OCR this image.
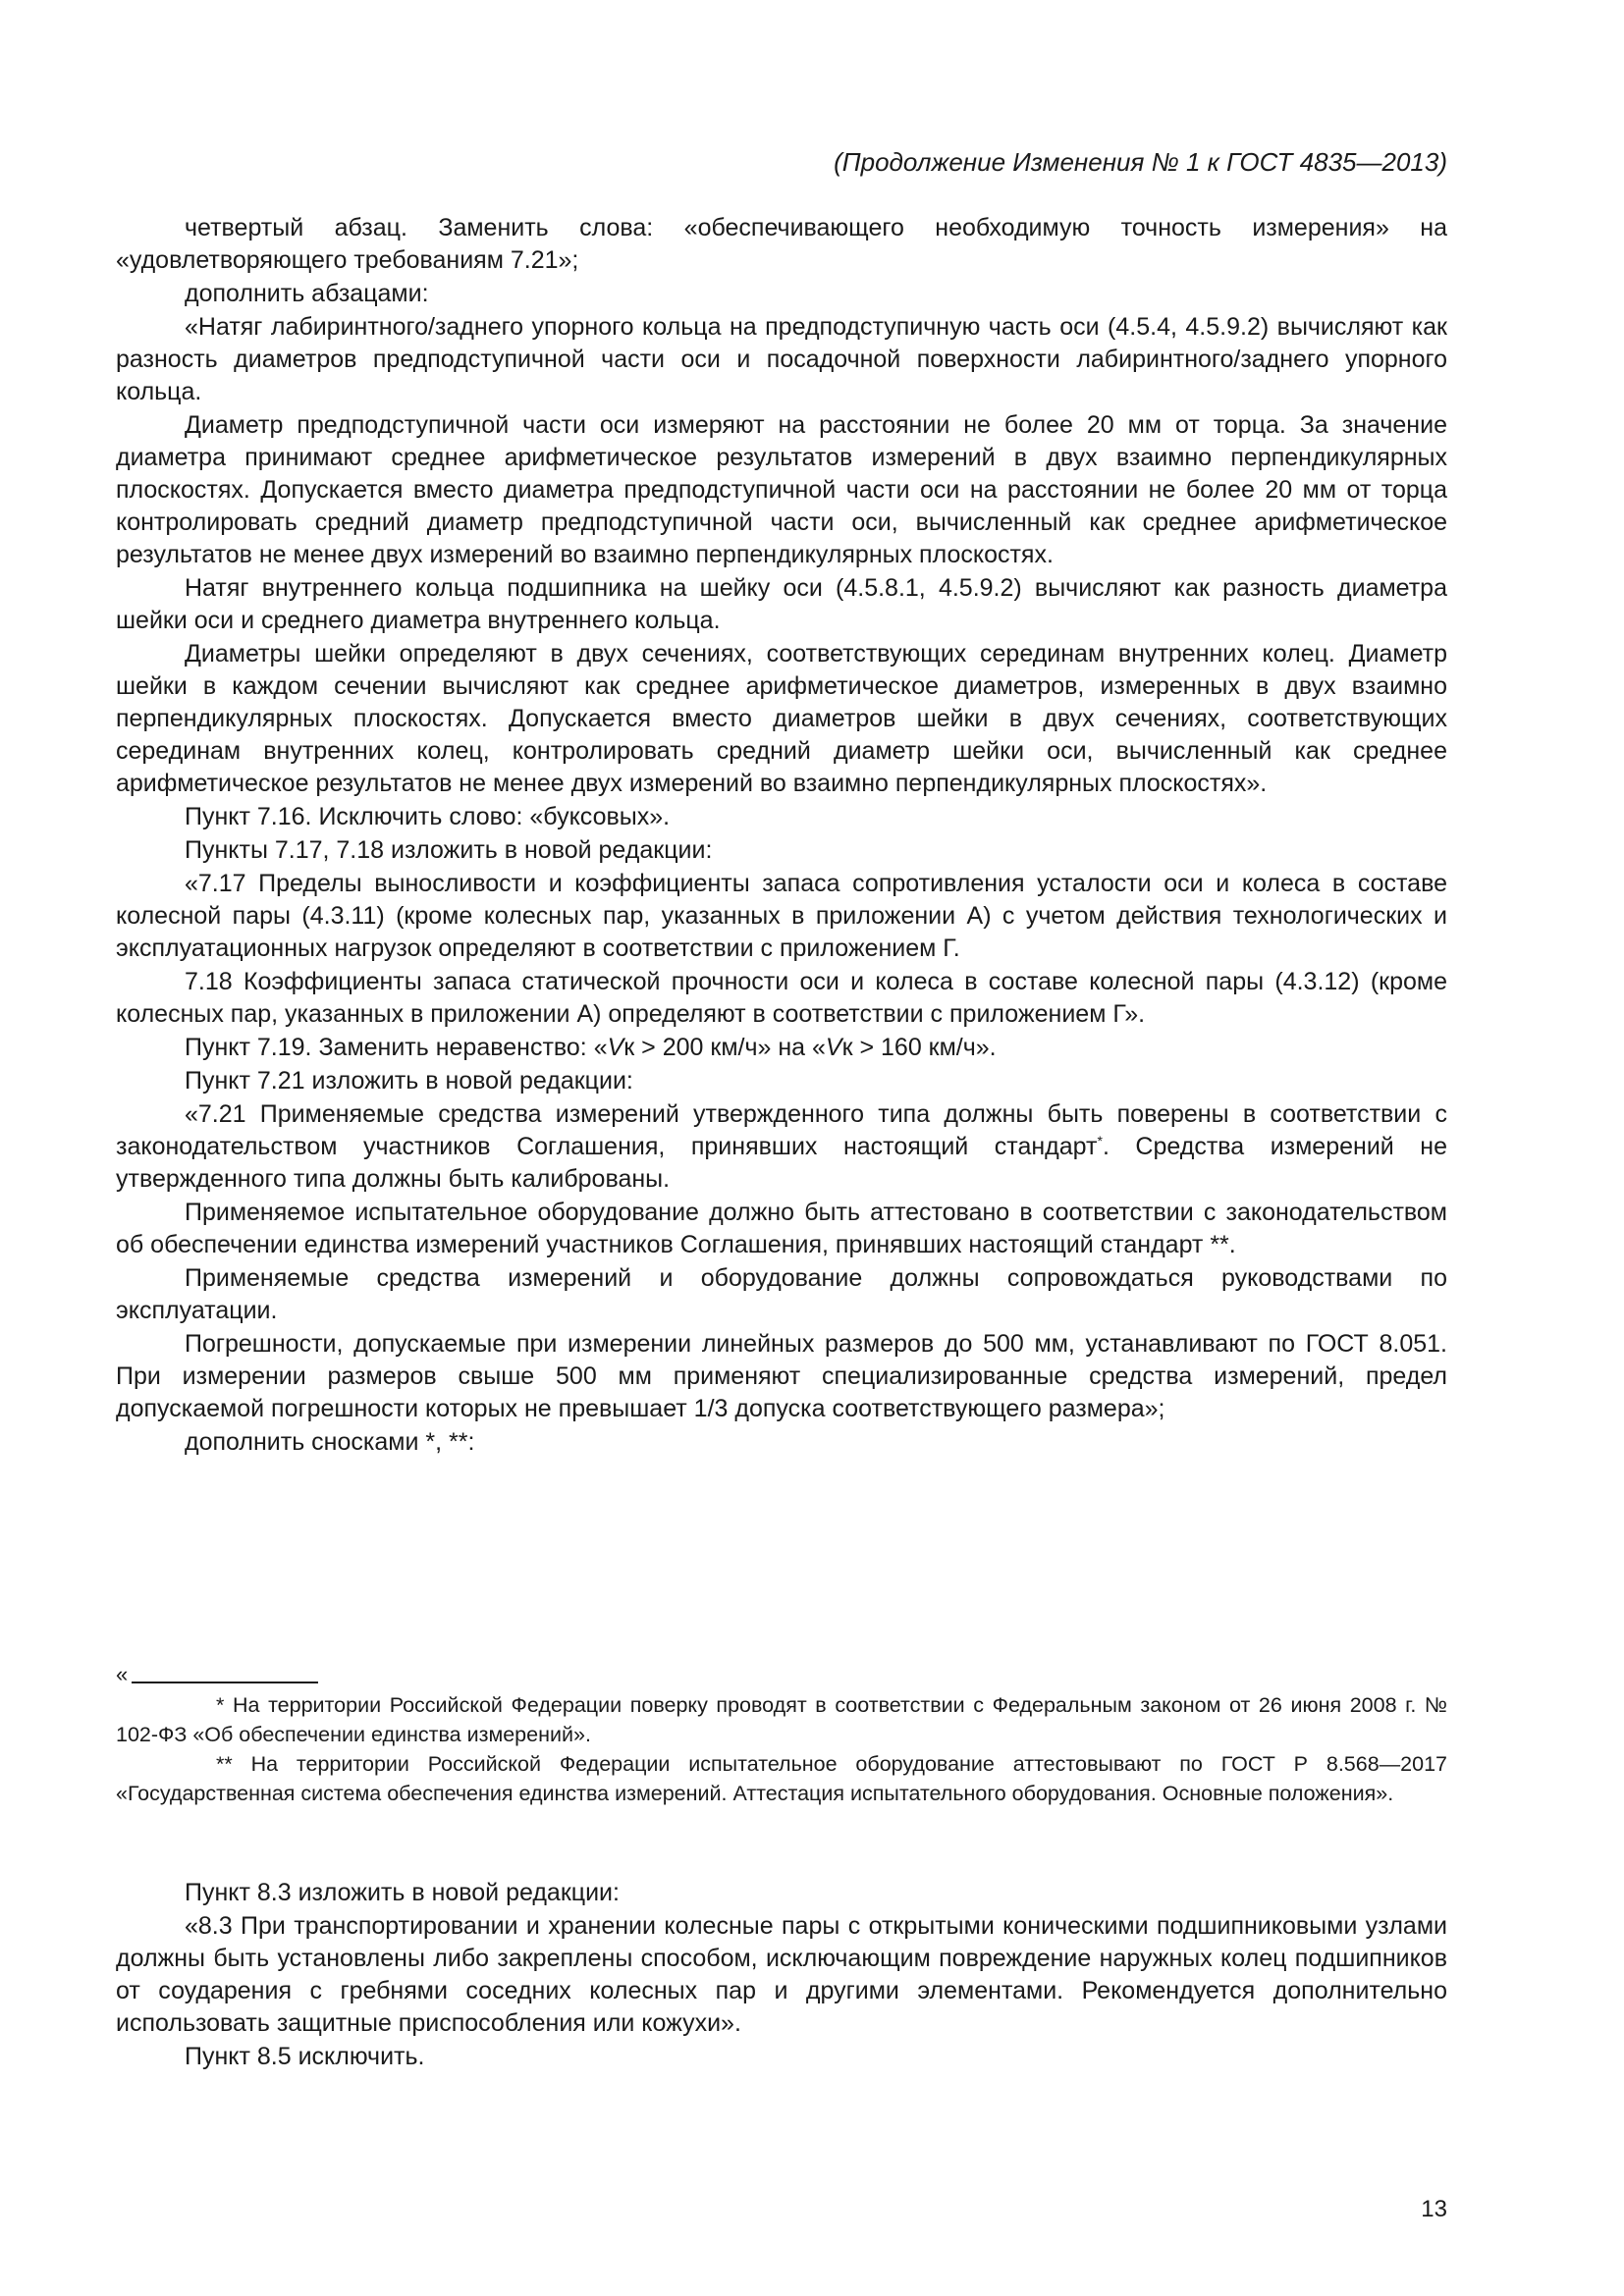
(Продолжение Изменения № 1 к ГОСТ 4835—2013)

четвертый абзац. Заменить слова: «обеспечивающего необходимую точность измерения» на «удовлетворяющего требованиям 7.21»;

дополнить абзацами:

«Натяг лабиринтного/заднего упорного кольца на предподступичную часть оси (4.5.4, 4.5.9.2) вычисляют как разность диаметров предподступичной части оси и посадочной поверхности лабиринтного/заднего упорного кольца.

Диаметр предподступичной части оси измеряют на расстоянии не более 20 мм от торца. За значение диаметра принимают среднее арифметическое результатов измерений в двух взаимно перпендикулярных плоскостях. Допускается вместо диаметра предподступичной части оси на расстоянии не более 20 мм от торца контролировать средний диаметр предподступичной части оси, вычисленный как среднее арифметическое результатов не менее двух измерений во взаимно перпендикулярных плоскостях.

Натяг внутреннего кольца подшипника на шейку оси (4.5.8.1, 4.5.9.2) вычисляют как разность диаметра шейки оси и среднего диаметра внутреннего кольца.

Диаметры шейки определяют в двух сечениях, соответствующих серединам внутренних колец. Диаметр шейки в каждом сечении вычисляют как среднее арифметическое диаметров, измеренных в двух взаимно перпендикулярных плоскостях. Допускается вместо диаметров шейки в двух сечениях, соответствующих серединам внутренних колец, контролировать средний диаметр шейки оси, вычисленный как среднее арифметическое результатов не менее двух измерений во взаимно перпендикулярных плоскостях».

Пункт 7.16. Исключить слово: «буксовых».

Пункты 7.17, 7.18 изложить в новой редакции:

«7.17 Пределы выносливости и коэффициенты запаса сопротивления усталости оси и колеса в составе колесной пары (4.3.11) (кроме колесных пар, указанных в приложении А) с учетом действия технологических и эксплуатационных нагрузок определяют в соответствии с приложением Г.

7.18 Коэффициенты запаса статической прочности оси и колеса в составе колесной пары (4.3.12) (кроме колесных пар, указанных в приложении А) определяют в соответствии с приложением Г».

Пункт 7.19. Заменить неравенство: «Vк > 200 км/ч» на «Vк > 160 км/ч».

Пункт 7.21 изложить в новой редакции:

«7.21 Применяемые средства измерений утвержденного типа должны быть поверены в соответствии с законодательством участников Соглашения, принявших настоящий стандарт*. Средства измерений не утвержденного типа должны быть калиброваны.

Применяемое испытательное оборудование должно быть аттестовано в соответствии с законодательством об обеспечении единства измерений участников Соглашения, принявших настоящий стандарт **.

Применяемые средства измерений и оборудование должны сопровождаться руководствами по эксплуатации.

Погрешности, допускаемые при измерении линейных размеров до 500 мм, устанавливают по ГОСТ 8.051. При измерении размеров свыше 500 мм применяют специализированные средства измерений, предел допускаемой погрешности которых не превышает 1/3 допуска соответствующего размера»;

дополнить сносками *, **:

«

* На территории Российской Федерации поверку проводят в соответствии с Федеральным законом от 26 июня 2008 г. № 102-ФЗ «Об обеспечении единства измерений».

** На территории Российской Федерации испытательное оборудование аттестовывают по ГОСТ Р 8.568—2017 «Государственная система обеспечения единства измерений. Аттестация испытательного оборудования. Основные положения».

Пункт 8.3 изложить в новой редакции:

«8.3 При транспортировании и хранении колесные пары с открытыми коническими подшипниковыми узлами должны быть установлены либо закреплены способом, исключающим повреждение наружных колец подшипников от соударения с гребнями соседних колесных пар и другими элементами. Рекомендуется дополнительно использовать защитные приспособления или кожухи».

Пункт 8.5 исключить.

13
